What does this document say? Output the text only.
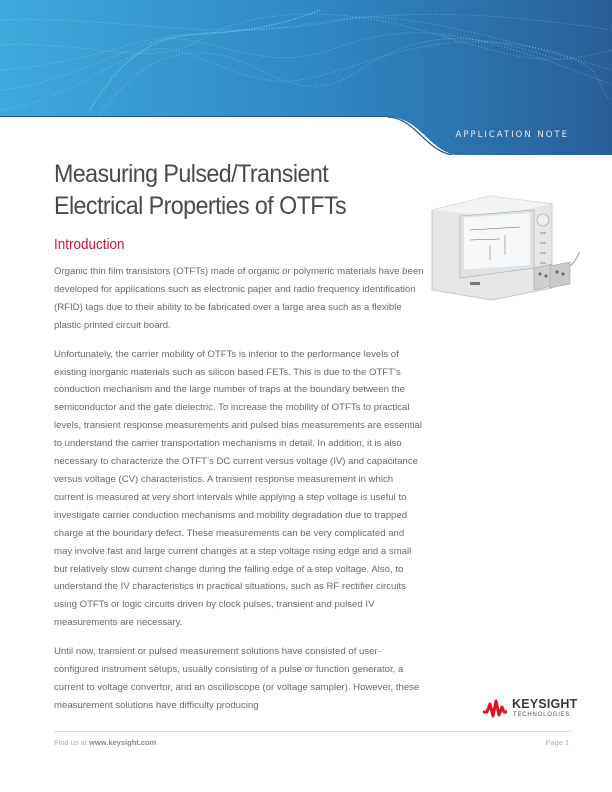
APPLICATION NOTE
Measuring Pulsed/Transient
Electrical Properties of OTFTs
Introduction

Organic thin film transistors (OTFTs) made of organic or polymeric materials have been developed for applications such as electronic paper and radio frequency identification (RFID) tags due to their ability to be fabricated over a large area such as a flexible plastic printed circuit board.

Unfortunately, the carrier mobility of OTFTs is inferior to the performance levels of existing inorganic materials such as silicon based FETs. This is due to the OTFT’s conduction mechanism and the large number of traps at the boundary between the semiconductor and the gate dielectric. To increase the mobility of OTFTs to practical levels, transient response measurements and pulsed bias measurements are essential to understand the carrier transportation mechanisms in detail. In addition, it is also necessary to characterize the OTFT’s DC current versus voltage (IV) and capacitance versus voltage (CV) characteristics. A transient response measurement in which current is measured at very short intervals while applying a step voltage is useful to investigate carrier conduction mechanisms and mobility degradation due to trapped charge at the boundary defect. These measurements can be very complicated and may involve fast and large current changes at a step voltage rising edge and a small but relatively slow current change during the falling edge of a step voltage. Also, to understand the IV characteristics in practical situations, such as RF rectifier circuits using OTFTs or logic circuits driven by clock pulses, transient and pulsed IV measurements are necessary.

Until now, transient or pulsed measurement solutions have consisted of user-configured instrument setups, usually consisting of a pulse or function generator, a current to voltage convertor, and an oscilloscope (or voltage sampler). However, these measurement solutions have difficulty producing	KEYSIGHT
TECHNOLOGIES
Find us at www.keysight.com	Page 1
